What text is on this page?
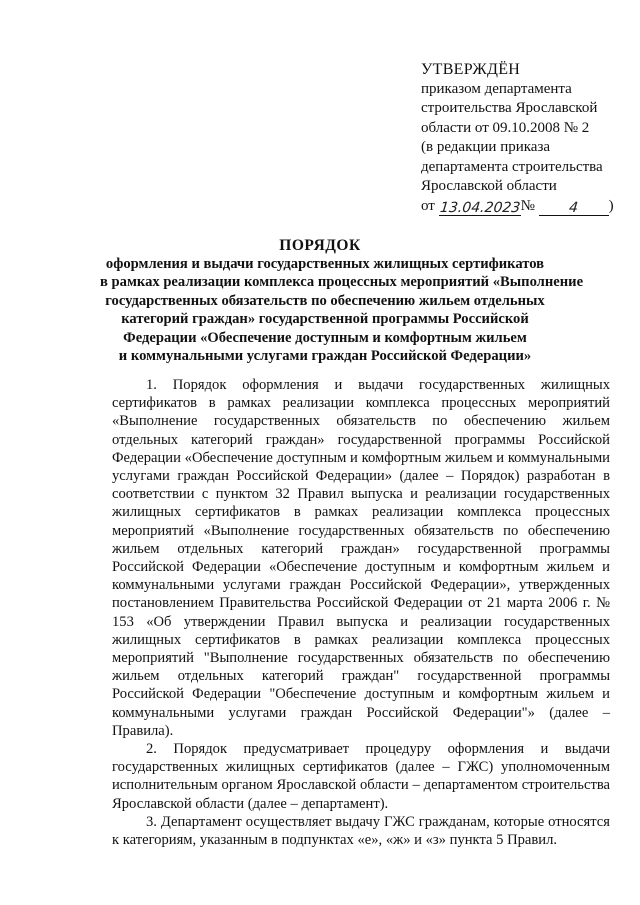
УТВЕРЖДЁН
приказом департамента
строительства Ярославской
области от 09.10.2008 № 2
(в редакции приказа
департамента строительства
Ярославской области
от 13.04.2023№ 4 )
ПОРЯДОК
оформления и выдачи государственных жилищных сертификатов
в рамках реализации комплекса процессных мероприятий «Выполнение
государственных обязательств по обеспечению жильем отдельных
категорий граждан» государственной программы Российской
Федерации «Обеспечение доступным и комфортным жильем
и коммунальными услугами граждан Российской Федерации»

1. Порядок оформления и выдачи государственных жилищных сертификатов в рамках реализации комплекса процессных мероприятий «Выполнение государственных обязательств по обеспечению жильем отдельных категорий граждан» государственной программы Российской Федерации «Обеспечение доступным и комфортным жильем и коммунальными услугами граждан Российской Федерации» (далее – Порядок) разработан в соответствии с пунктом 32 Правил выпуска и реализации государственных жилищных сертификатов в рамках реализации комплекса процессных мероприятий «Выполнение государственных обязательств по обеспечению жильем отдельных категорий граждан» государственной программы Российской Федерации «Обеспечение доступным и комфортным жильем и коммунальными услугами граждан Российской Федерации», утвержденных постановлением Правительства Российской Федерации от 21 марта 2006 г. № 153 «Об утверждении Правил выпуска и реализации государственных жилищных сертификатов в рамках реализации комплекса процессных мероприятий "Выполнение государственных обязательств по обеспечению жильем отдельных категорий граждан" государственной программы Российской Федерации "Обеспечение доступным и комфортным жильем и коммунальными услугами граждан Российской Федерации"» (далее – Правила).

2. Порядок предусматривает процедуру оформления и выдачи государственных жилищных сертификатов (далее – ГЖС) уполномоченным исполнительным органом Ярославской области – департаментом строительства Ярославской области (далее – департамент).

3. Департамент осуществляет выдачу ГЖС гражданам, которые относятся к категориям, указанным в подпунктах «е», «ж» и «з» пункта 5 Правил.
